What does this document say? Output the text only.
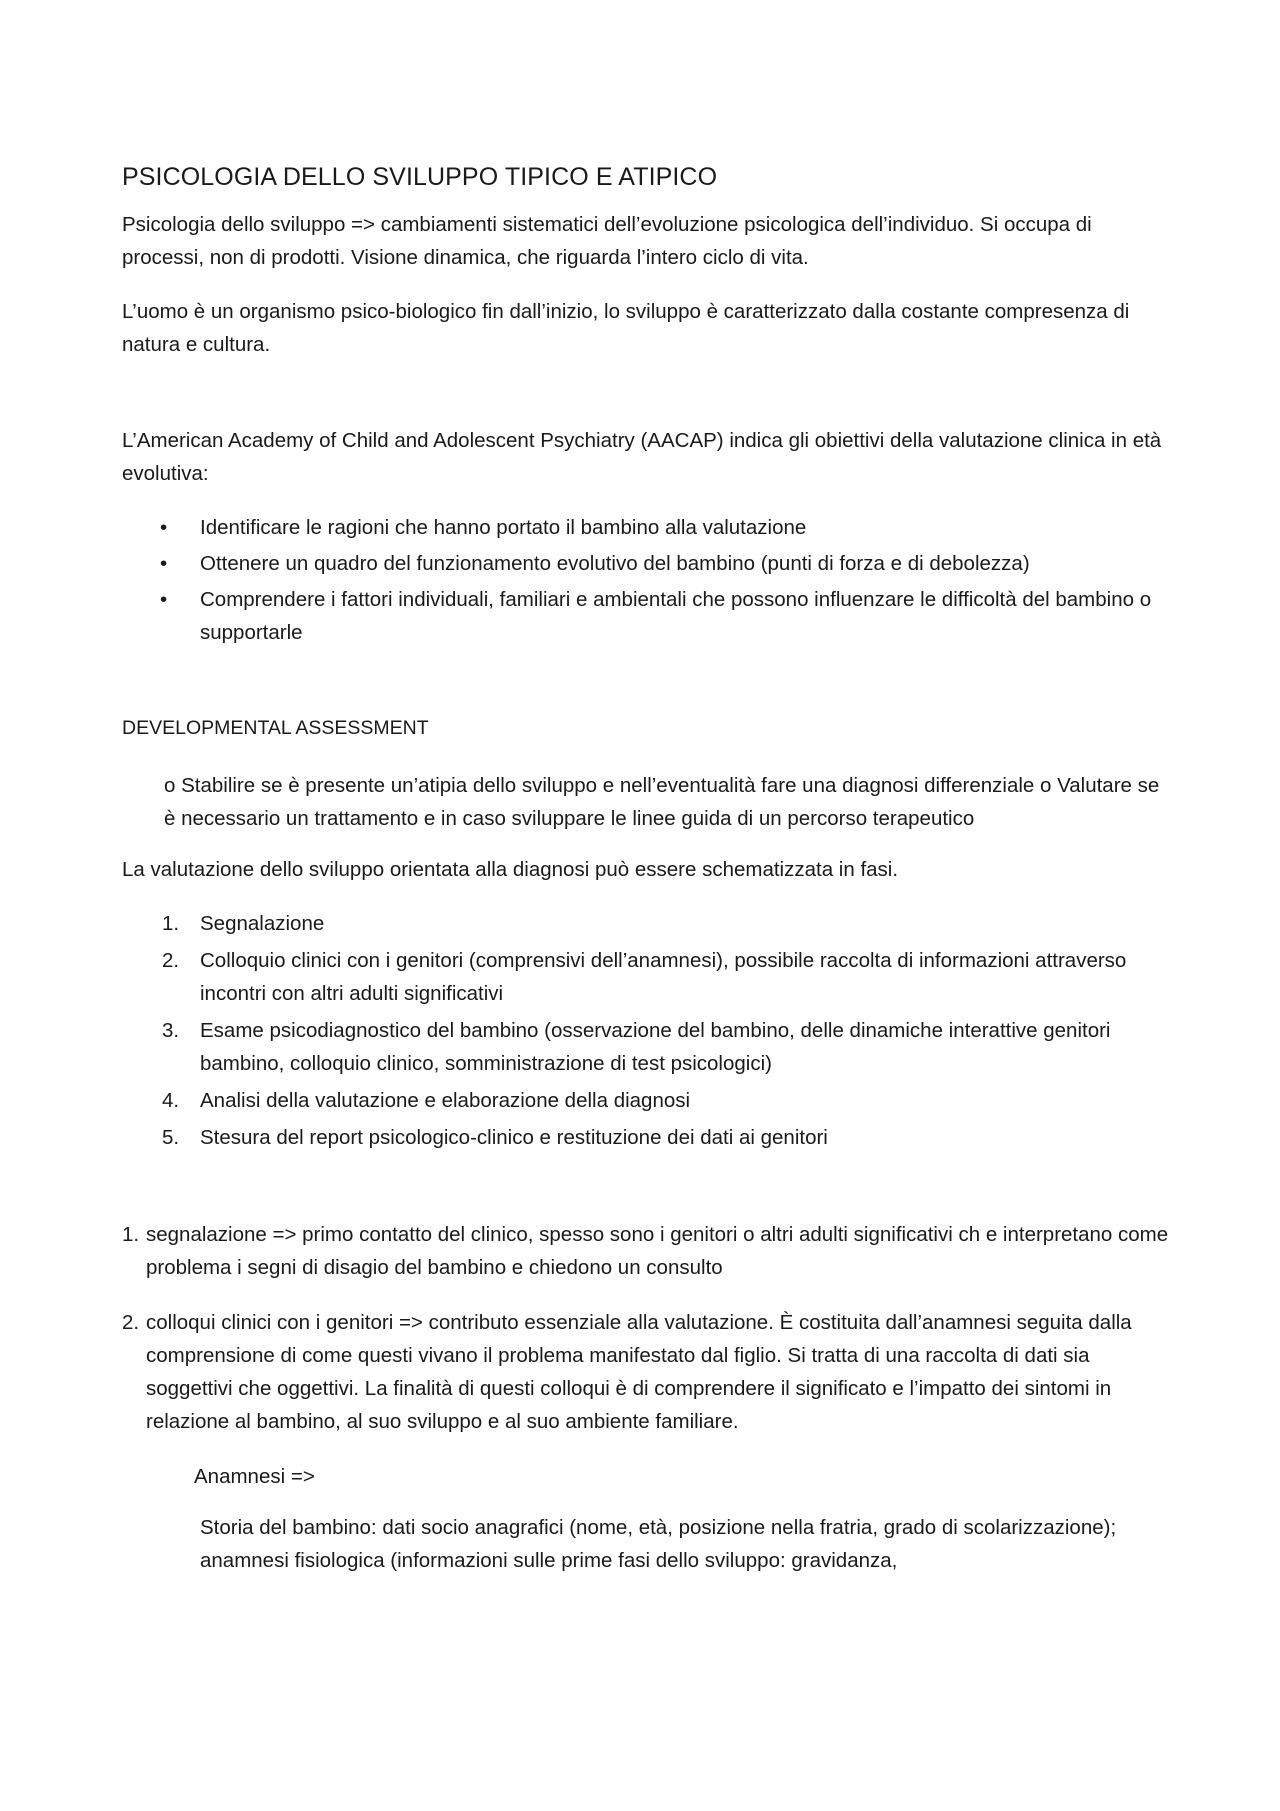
PSICOLOGIA DELLO SVILUPPO TIPICO E ATIPICO

Psicologia dello sviluppo => cambiamenti sistematici dell’evoluzione psicologica dell’individuo. Si occupa di processi, non di prodotti. Visione dinamica, che riguarda l’intero ciclo di vita.

L’uomo è un organismo psico-biologico fin dall’inizio, lo sviluppo è caratterizzato dalla costante compresenza di natura e cultura.

L’American Academy of Child and Adolescent Psychiatry (AACAP) indica gli obiettivi della valutazione clinica in età evolutiva:

• Identificare le ragioni che hanno portato il bambino alla valutazione
• Ottenere un quadro del funzionamento evolutivo del bambino (punti di forza e di debolezza)
• Comprendere i fattori individuali, familiari e ambientali che possono influenzare le difficoltà del bambino o supportarle
DEVELOPMENTAL ASSESSMENT
o Stabilire se è presente un’atipia dello sviluppo e nell’eventualità fare una diagnosi differenziale o Valutare se è necessario un trattamento e in caso sviluppare le linee guida di un percorso terapeutico

La valutazione dello sviluppo orientata alla diagnosi può essere schematizzata in fasi.

1. Segnalazione
2. Colloquio clinici con i genitori (comprensivi dell’anamnesi), possibile raccolta di informazioni attraverso incontri con altri adulti significativi
3. Esame psicodiagnostico del bambino (osservazione del bambino, delle dinamiche interattive genitori bambino, colloquio clinico, somministrazione di test psicologici)
4. Analisi della valutazione e elaborazione della diagnosi
5. Stesura del report psicologico-clinico e restituzione dei dati ai genitori
1. segnalazione => primo contatto del clinico, spesso sono i genitori o altri adulti significativi ch e interpretano come problema i segni di disagio del bambino e chiedono un consulto
2. colloqui clinici con i genitori => contributo essenziale alla valutazione. È costituita dall’anamnesi seguita dalla comprensione di come questi vivano il problema manifestato dal figlio. Si tratta di una raccolta di dati sia soggettivi che oggettivi. La finalità di questi colloqui è di comprendere il significato e l’impatto dei sintomi in relazione al bambino, al suo sviluppo e al suo ambiente familiare.
Anamnesi =>
Storia del bambino: dati socio anagrafici (nome, età, posizione nella fratria, grado di scolarizzazione); anamnesi fisiologica (informazioni sulle prime fasi dello sviluppo: gravidanza,
